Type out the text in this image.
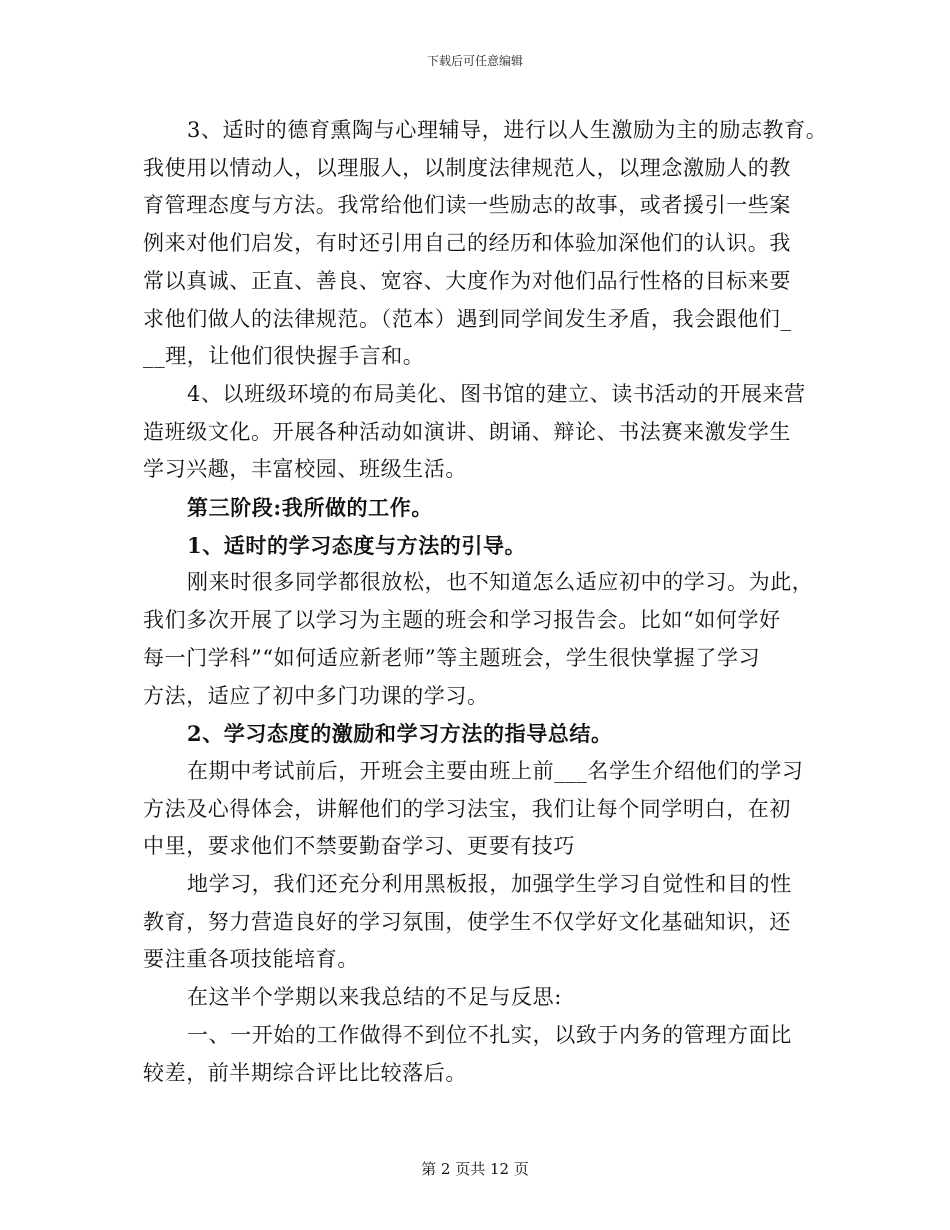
下载后可任意编辑

3、适时的德育熏陶与心理辅导，进行以人生激励为主的励志教育。
我使用以情动人，以理服人，以制度法律规范人，以理念激励人的教
育管理态度与方法。我常给他们读一些励志的故事，或者援引一些案
例来对他们启发，有时还引用自己的经历和体验加深他们的认识。我
常以真诚、正直、善良、宽容、大度作为对他们品行性格的目标来要
求他们做人的法律规范。（范本）遇到同学间发生矛盾，我会跟他们_
__理，让他们很快握手言和。

4、以班级环境的布局美化、图书馆的建立、读书活动的开展来营
造班级文化。开展各种活动如演讲、朗诵、辩论、书法赛来激发学生
学习兴趣，丰富校园、班级生活。

第三阶段:我所做的工作。

1、适时的学习态度与方法的引导。

刚来时很多同学都很放松，也不知道怎么适应初中的学习。为此，
我们多次开展了以学习为主题的班会和学习报告会。比如“如何学好
每一门学科”“如何适应新老师”等主题班会，学生很快掌握了学习
方法，适应了初中多门功课的学习。

2、学习态度的激励和学习方法的指导总结。

在期中考试前后，开班会主要由班上前___名学生介绍他们的学习
方法及心得体会，讲解他们的学习法宝，我们让每个同学明白，在初
中里，要求他们不禁要勤奋学习、更要有技巧

地学习，我们还充分利用黑板报，加强学生学习自觉性和目的性
教育，努力营造良好的学习氛围，使学生不仅学好文化基础知识，还
要注重各项技能培育。

在这半个学期以来我总结的不足与反思:

一、一开始的工作做得不到位不扎实，以致于内务的管理方面比
较差，前半期综合评比比较落后。

第 2 页共 12 页
